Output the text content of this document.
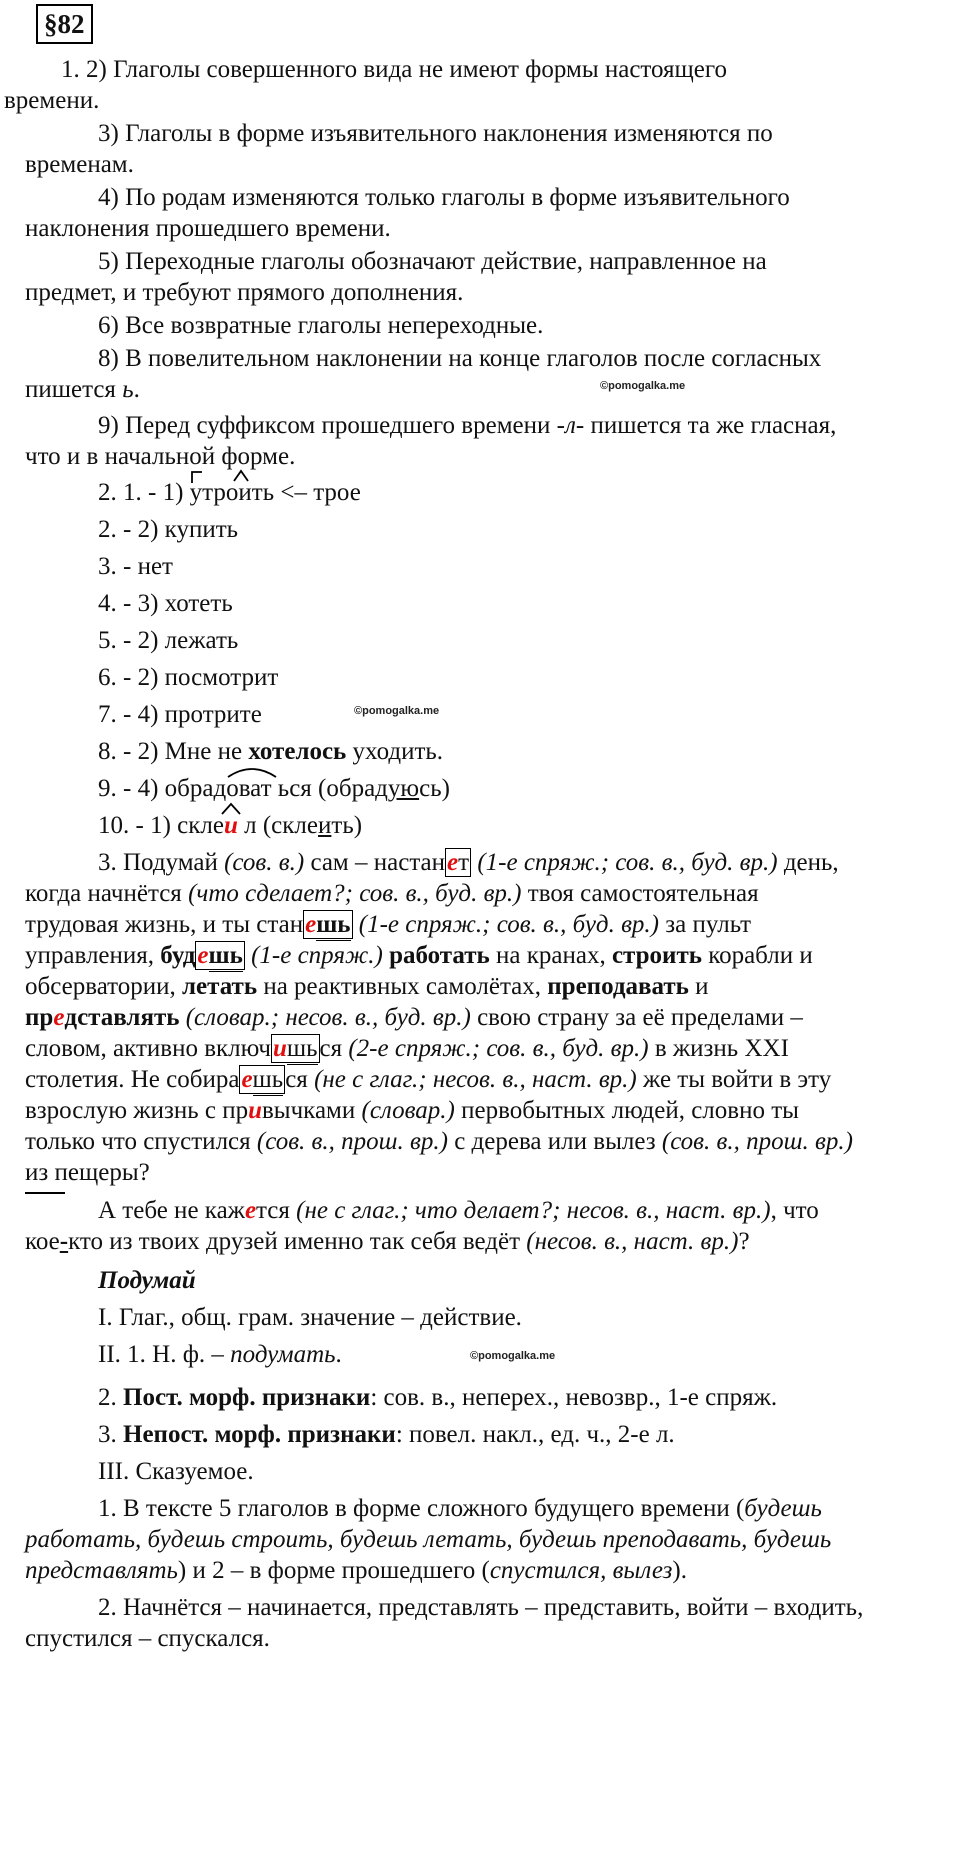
§82
1. 2) Глаголы совершенного вида не имеют формы настоящего
времени.
3) Глаголы в форме изъявительного наклонения изменяются по
временам.
4) По родам изменяются только глаголы в форме изъявительного
наклонения прошедшего времени.
5) Переходные глаголы обозначают действие, направленное на
предмет, и требуют прямого дополнения.
6) Все возвратные глаголы непереходные.
8) В повелительном наклонении на конце глаголов после согласных
пишется ь.	©pomogalka.me
9) Перед суффиксом прошедшего времени -л- пишется та же гласная,
что и в начальной форме.
2. 1. - 1) утроить
<– трое
2. - 2) купить
3. - нет
4. - 3) хотеть
5. - 2) лежать
6. - 2) посмотрит
7. - 4) протрите	©pomogalka.me
8. - 2) Мне не хотелось уходить.
9. - 4) обрадоват ься (обрадуюсь)
10. - 1) склеи л (склеить)
3. Подумай (сов. в.) сам – настанет (1-е спряж.; сов. в., буд. вр.) день,
когда начнётся (что сделает?; сов. в., буд. вр.) твоя самостоятельная
трудовая жизнь, и ты станешь (1-е спряж.; сов. в., буд. вр.) за пульт
управления, будешь (1-е спряж.) работать на кранах, строить корабли и
обсерватории, летать на реактивных самолётах, преподавать и
представлять (словар.; несов. в., буд. вр.) свою страну за её пределами –
словом, активно включишься (2-е спряж.; сов. в., буд. вр.) в жизнь XXI
столетия. Не собираешься (не с глаг.; несов. в., наст. вр.) же ты войти в эту
взрослую жизнь с привычками (словар.) первобытных людей, словно ты
только что спустился (сов. в., прош. вр.) с дерева или вылез (сов. в., прош. вр.)
из пещеры?
А тебе не кажется (не с глаг.; что делает?; несов. в., наст. вр.), что
кое-кто из твоих друзей именно так себя ведёт (несов. в., наст. вр.)?
Подумай
I. Глаг., общ. грам. значение – действие.
II. 1. Н. ф. – подумать.	©pomogalka.me
2. Пост. морф. признаки: сов. в., неперех., невозвр., 1-е спряж.
3. Непост. морф. признаки: повел. накл., ед. ч., 2-е л.
III. Сказуемое.
1. В тексте 5 глаголов в форме сложного будущего времени (будешь
работать, будешь строить, будешь летать, будешь преподавать, будешь
представлять) и 2 – в форме прошедшего (спустился, вылез).
2. Начнётся – начинается, представлять – представить, войти – входить,
спустился – спускался.
